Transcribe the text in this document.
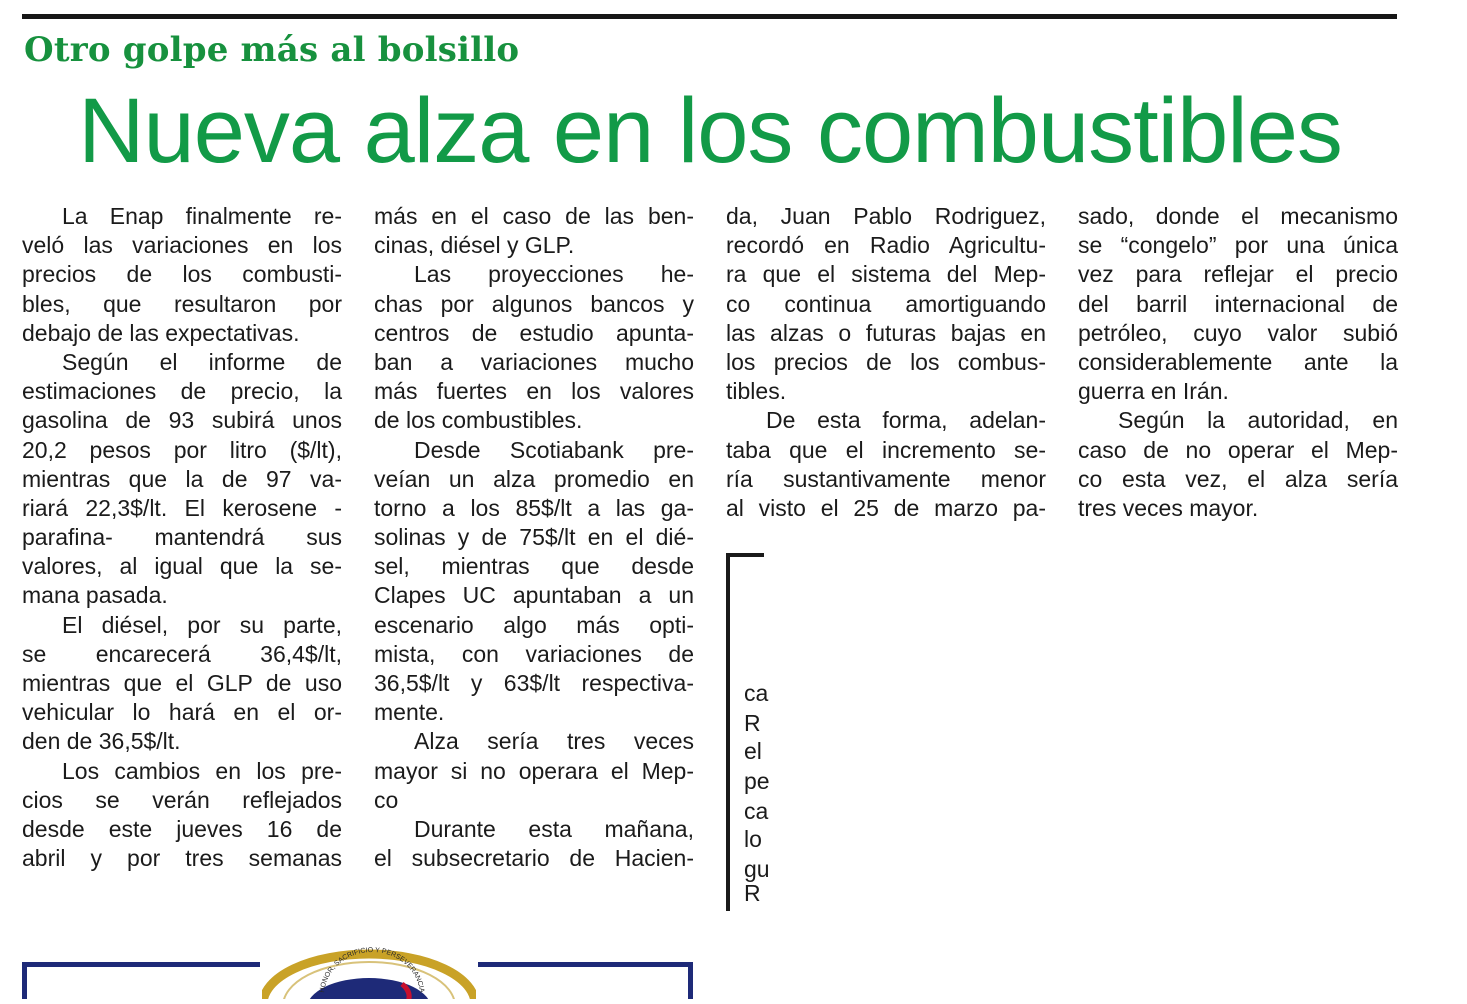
Otro golpe más al bolsillo
Nueva alza en los combustibles
La Enap finalmente re-
veló las variaciones en los
precios de los combusti-
bles, que resultaron por
debajo de las expectativas.
Según el informe de
estimaciones de precio, la
gasolina de 93 subirá unos
20,2 pesos por litro ($/lt),
mientras que la de 97 va-
riará 22,3$/lt. El kerosene -
parafina- mantendrá sus
valores, al igual que la se-
mana pasada.
El diésel, por su parte,
se encarecerá 36,4$/lt,
mientras que el GLP de uso
vehicular lo hará en el or-
den de 36,5$/lt.
Los cambios en los pre-
cios se verán reflejados
desde este jueves 16 de
abril y por tres semanas
más en el caso de las ben-
cinas, diésel y GLP.
Las proyecciones he-
chas por algunos bancos y
centros de estudio apunta-
ban a variaciones mucho
más fuertes en los valores
de los combustibles.
Desde Scotiabank pre-
veían un alza promedio en
torno a los 85$/lt a las ga-
solinas y de 75$/lt en el dié-
sel, mientras que desde
Clapes UC apuntaban a un
escenario algo más opti-
mista, con variaciones de
36,5$/lt y 63$/lt respectiva-
mente.
Alza sería tres veces
mayor si no operara el Mep-
co
Durante esta mañana,
el subsecretario de Hacien-
da, Juan Pablo Rodriguez,
recordó en Radio Agricultu-
ra que el sistema del Mep-
co continua amortiguando
las alzas o futuras bajas en
los precios de los combus-
tibles.
De esta forma, adelan-
taba que el incremento se-
ría sustantivamente menor
al visto el 25 de marzo pa-
sado, donde el mecanismo
se “congelo” por una única
vez para reflejar el precio
del barril internacional de
petróleo, cuyo valor subió
considerablemente ante la
guerra en Irán.
Según la autoridad, en
caso de no operar el Mep-
co esta vez, el alza sería
tres veces mayor.
ca
R
el
pe
ca
lo
gu
R
HONOR, SACRIFICIO Y PERSEVERANCIA
